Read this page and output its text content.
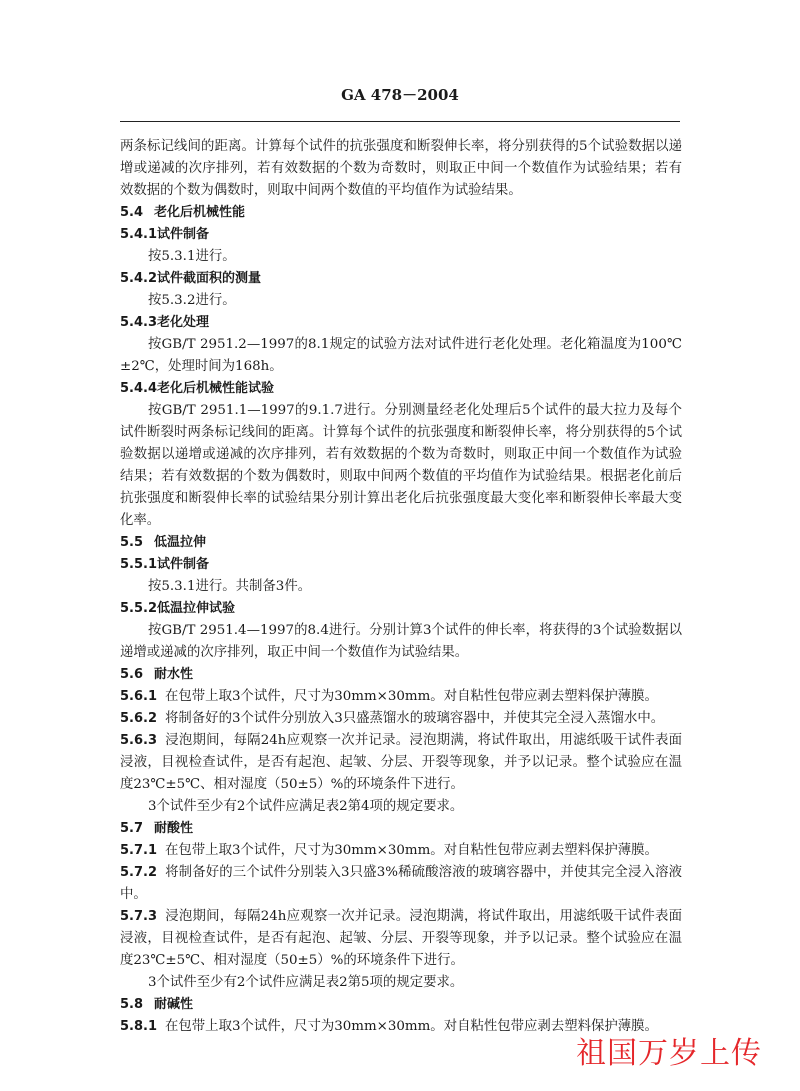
GA 478－2004

两条标记线间的距离。计算每个试件的抗张强度和断裂伸长率，将分别获得的5个试验数据以递增或递减的次序排列，若有效数据的个数为奇数时，则取正中间一个数值作为试验结果；若有效数据的个数为偶数时，则取中间两个数值的平均值作为试验结果。

5.4 老化后机械性能

5.4.1试件制备

按5.3.1进行。

5.4.2试件截面积的测量

按5.3.2进行。

5.4.3老化处理

按GB/T 2951.2—1997的8.1规定的试验方法对试件进行老化处理。老化箱温度为100℃±2℃，处理时间为168h。

5.4.4老化后机械性能试验

按GB/T 2951.1—1997的9.1.7进行。分别测量经老化处理后5个试件的最大拉力及每个试件断裂时两条标记线间的距离。计算每个试件的抗张强度和断裂伸长率，将分别获得的5个试验数据以递增或递减的次序排列，若有效数据的个数为奇数时，则取正中间一个数值作为试验结果；若有效数据的个数为偶数时，则取中间两个数值的平均值作为试验结果。根据老化前后抗张强度和断裂伸长率的试验结果分别计算出老化后抗张强度最大变化率和断裂伸长率最大变化率。

5.5 低温拉伸

5.5.1试件制备

按5.3.1进行。共制备3件。

5.5.2低温拉伸试验

按GB/T 2951.4—1997的8.4进行。分别计算3个试件的伸长率，将获得的3个试验数据以递增或递减的次序排列，取正中间一个数值作为试验结果。

5.6 耐水性

5.6.1 在包带上取3个试件，尺寸为30mm×30mm。对自粘性包带应剥去塑料保护薄膜。

5.6.2 将制备好的3个试件分别放入3只盛蒸馏水的玻璃容器中，并使其完全浸入蒸馏水中。

5.6.3 浸泡期间，每隔24h应观察一次并记录。浸泡期满，将试件取出，用滤纸吸干试件表面浸液，目视检查试件，是否有起泡、起皱、分层、开裂等现象，并予以记录。整个试验应在温度23℃±5℃、相对湿度（50±5）%的环境条件下进行。

3个试件至少有2个试件应满足表2第4项的规定要求。

5.7 耐酸性

5.7.1 在包带上取3个试件，尺寸为30mm×30mm。对自粘性包带应剥去塑料保护薄膜。

5.7.2 将制备好的三个试件分别装入3只盛3%稀硫酸溶液的玻璃容器中，并使其完全浸入溶液中。

5.7.3 浸泡期间，每隔24h应观察一次并记录。浸泡期满，将试件取出，用滤纸吸干试件表面浸液，目视检查试件，是否有起泡、起皱、分层、开裂等现象，并予以记录。整个试验应在温度23℃±5℃、相对湿度（50±5）%的环境条件下进行。

3个试件至少有2个试件应满足表2第5项的规定要求。

5.8 耐碱性

5.8.1 在包带上取3个试件，尺寸为30mm×30mm。对自粘性包带应剥去塑料保护薄膜。

祖国万岁上传
